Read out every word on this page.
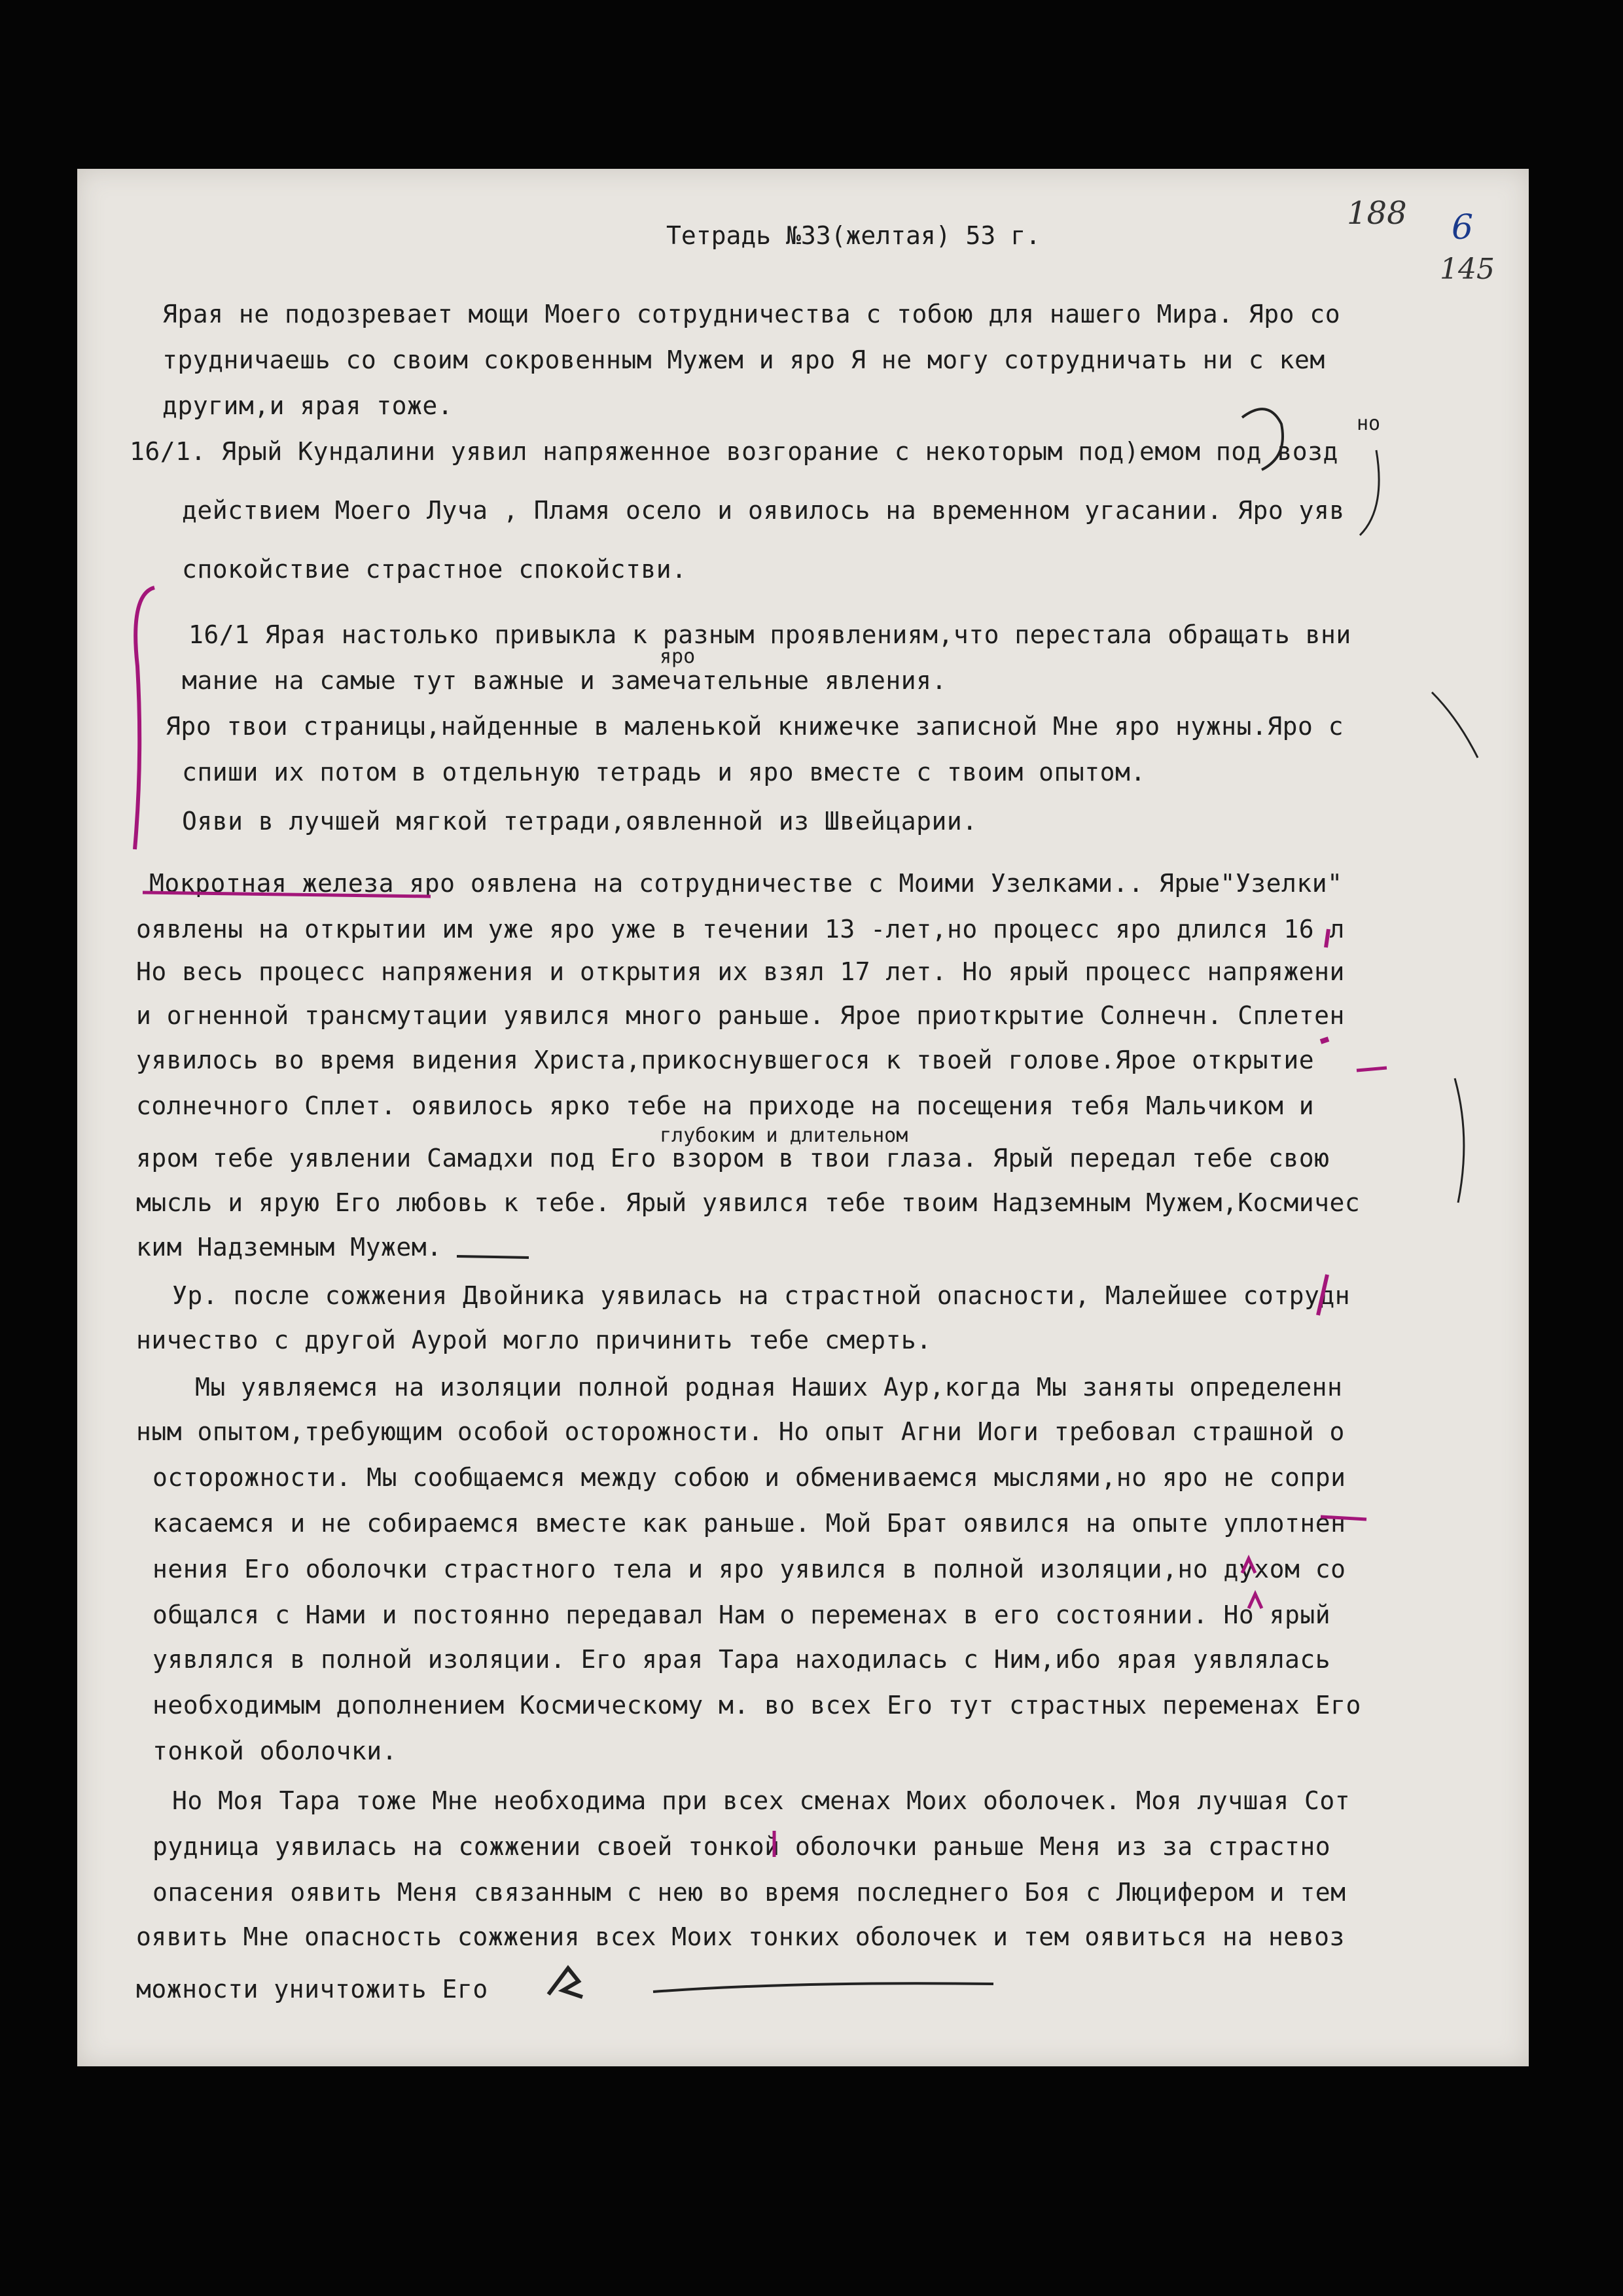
Тетрадь №33(желтая) 53 г.
188 6
145
Ярая не подозревает мощи Моего сотрудничества с тобою для нашего Мира. Яро со
трудничаешь со своим сокровенным Мужем и яро Я не могу сотрудничать ни с кем
другим,и ярая тоже.
16/1. Ярый Кундалини уявил напряженное возгорание с некоторым под)емом под возд
но
действием Моего Луча , Пламя осело и оявилось на временном угасании. Яро уяв
спокойствие страстное спокойстви.
16/1 Ярая настолько привыкла к разным проявлениям,что перестала обращать вни
яро
мание на самые тут важные и замечательные явления.
Яро твои страницы,найденные в маленькой книжечке записной Мне яро нужны.Яро с
спиши их потом в отдельную тетрадь и яро вместе с твоим опытом.
Ояви в лучшей мягкой тетради,оявленной из Швейцарии.
Мокротная железа яро оявлена на сотрудничестве с Моими Узелками.. Ярые"Узелки"
оявлены на открытии им уже яро уже в течении 13 -лет,но процесс яро длился 16 л
Но весь процесс напряжения и открытия их взял 17 лет. Но ярый процесс напряжени
и огненной трансмутации уявился много раньше. Ярое приоткрытие Солнечн. Сплетен
уявилось во время видения Христа,прикоснувшегося к твоей голове.Ярое открытие
солнечного Сплет. оявилось ярко тебе на приходе на посещения тебя Мальчиком и
глубоким и длительном
яром тебе уявлении Самадхи под Его взором в твои глаза. Ярый передал тебе свою
мысль и ярую Его любовь к тебе. Ярый уявился тебе твоим Надземным Мужем,Космичес
ким Надземным Мужем.
Ур. после сожжения Двойника уявилась на страстной опасности, Малейшее сотрудн
ничество с другой Аурой могло причинить тебе смерть.
Мы уявляемся на изоляции полной родная Наших Аур,когда Мы заняты определенн
ным опытом,требующим особой осторожности. Но опыт Агни Иоги требовал страшной о
осторожности. Мы сообщаемся между собою и обмениваемся мыслями,но яро не сопри
касаемся и не собираемся вместе как раньше. Мой Брат оявился на опыте уплотнен
нения Его оболочки страстного тела и яро уявился в полной изоляции,но духом со
общался с Нами и постоянно передавал Нам о переменах в его состоянии. Но ярый
уявлялся в полной изоляции. Его ярая Тара находилась с Ним,ибо ярая уявлялась
необходимым дополнением Космическому м. во всех Его тут страстных переменах Его
тонкой оболочки.
Но Моя Тара тоже Мне необходима при всех сменах Моих оболочек. Моя лучшая Сот
рудница уявилась на сожжении своей тонкой оболочки раньше Меня из за страстно
опасения оявить Меня связанным с нею во время последнего Боя с Люцифером и тем
оявить Мне опасность сожжения всех Моих тонких оболочек и тем оявиться на невоз
можности уничтожить Его
